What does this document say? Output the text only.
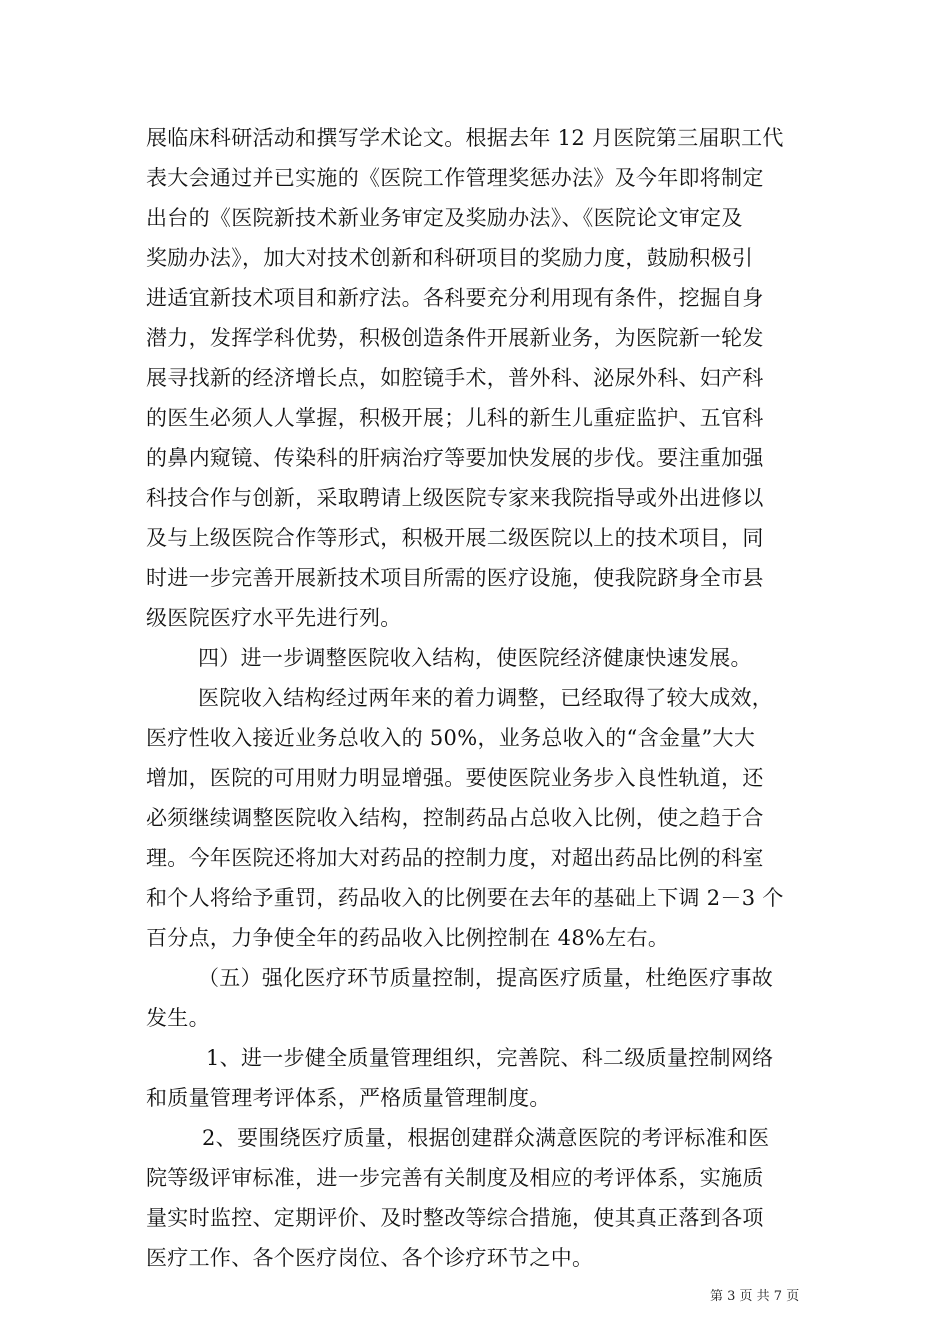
展临床科研活动和撰写学术论文。根据去年 12 月医院第三届职工代
表大会通过并已实施的《医院工作管理奖惩办法》及今年即将制定
出台的《医院新技术新业务审定及奖励办法》、《医院论文审定及
奖励办法》，加大对技术创新和科研项目的奖励力度，鼓励积极引
进适宜新技术项目和新疗法。各科要充分利用现有条件，挖掘自身
潜力，发挥学科优势，积极创造条件开展新业务，为医院新一轮发
展寻找新的经济增长点，如腔镜手术，普外科、泌尿外科、妇产科
的医生必须人人掌握，积极开展；儿科的新生儿重症监护、五官科
的鼻内窥镜、传染科的肝病治疗等要加快发展的步伐。要注重加强
科技合作与创新，采取聘请上级医院专家来我院指导或外出进修以
及与上级医院合作等形式，积极开展二级医院以上的技术项目，同
时进一步完善开展新技术项目所需的医疗设施，使我院跻身全市县
级医院医疗水平先进行列。
四）进一步调整医院收入结构，使医院经济健康快速发展。
医院收入结构经过两年来的着力调整，已经取得了较大成效，
医疗性收入接近业务总收入的 50%，业务总收入的“含金量”大大
增加，医院的可用财力明显增强。要使医院业务步入良性轨道，还
必须继续调整医院收入结构，控制药品占总收入比例，使之趋于合
理。今年医院还将加大对药品的控制力度，对超出药品比例的科室
和个人将给予重罚，药品收入的比例要在去年的基础上下调 2－3 个
百分点，力争使全年的药品收入比例控制在 48%左右。
（五）强化医疗环节质量控制，提高医疗质量，杜绝医疗事故
发生。
1、进一步健全质量管理组织，完善院、科二级质量控制网络
和质量管理考评体系，严格质量管理制度。
2、要围绕医疗质量，根据创建群众满意医院的考评标准和医
院等级评审标准，进一步完善有关制度及相应的考评体系，实施质
量实时监控、定期评价、及时整改等综合措施，使其真正落到各项
医疗工作、各个医疗岗位、各个诊疗环节之中。
第 3 页 共 7 页
